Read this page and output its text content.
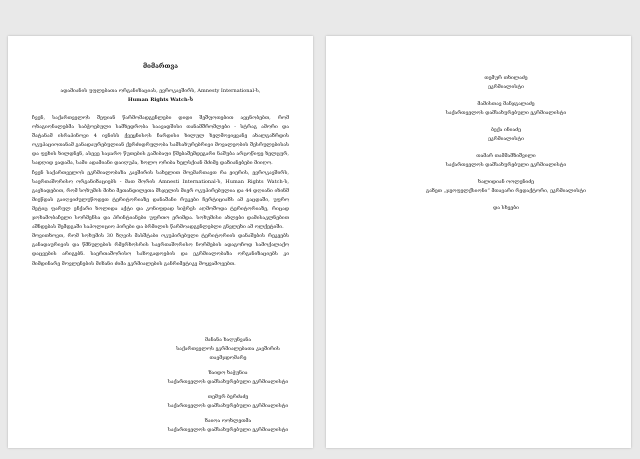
მიმართვა
ადამიანის უფლებათა ორგანიზაციას, ევროკავშირს, Amnesty International-ს,
Human Rights Watch-ს

ჩვენ, საქართველოს შეფიან წარმომადგენლები დიდი შეშფოთებით ავცნობებთ, რომ ოხაგიონალებმა საბჭოებული სამხედრობა საავადშისი თანამშრომლები - სტრაგ ამორი და შატანამ ისრაპინოვი 4 ივნისს ქვეყნისოს ჩარდისი ხილულ ხელმოვიყვანე ახალგაზრდის ოკუპაციოთანამ განადაურებულიან ქერძიდრულობა სამსახურებრივი მოვალეობის შესრულებისას და ფეხის ხილდნენ, ასევე საჯარო წუთების გაშიბაფი წმებაშემდეგარი ნაშუბა არცოწიფე ხელცურ, სადღიდ ვადამა, სამი ადამიანი დაიღუპა, ხოლო ორიბა ხელსქიან მძიმე დაზიანებები მიიღო.

ჩვენ საქართველოს ეკრმიალობაზა კავშირის სახელით მოვმართავთ რა ეიერის, ევროკავშირს, საერთაშორისო ორგანიზაციებს - მათ შორის Amnesti International-ს, Human Rights Watch-ს, გავხადებით, რომ სოხუმის მიხი მეთანდილეთა მსჯელის მიერ ოკუპირებულია და 44 დღიანი იხინმ მიეწდას გაიღვიძულუწოდეთ ტერიტორიაზე დანაშანი რუკები ჩერტიციაზს ამ გაცდაში, უფრო მეტიც ფარულ ეჩქარი ხოლიდა აქტი და კონიფდად სიჭრეს აღმოშოდა ტერიტორიაზე, რიცად ჯოხამობაჩელი სორმენსა და პრინტიანები უფრთო ერიმდა. სოხუმისი ახლები დამისაკლნებით აშნდებას შემდგაში საპოლიციო პირები და ბრმილის წარმოადგენლებლი გნვლეხი ამ ოლქეტიში.

მოვითხოვთ, რომ სოხუმის 30 ზღვის მასშტაბი ოკუპირებული ტერიტორიის დანაშების რეკეებს განადაურივის და წმნულების რმერხოსრის საერთაშორისო ნორმების ადაგოჩოდ სამოქალაქო დაცვების არიგებნ. საერთაშორისო საზოგადოების და ეკრმიალობაზა ორგანიზაციებს კი მიმდინარე მოვლენების მიზანი ძიმა ეკრმიალების განრიმეტიკვ მოყვამოვებთ.

მანანა ხაღუნვანა
საქართველოს ეკრმიალებათა კავშირის თავმჯდომარე
ზაიდო ხაჭუნია
საქართველოს დამსახურებული ეკრმიალისტი
თემურ ბერძაძე
საქართველოს დამსახურებული ეკრმიალისტი
ზაიოა ოოხლეთმა
საქართველოს დამსახურებული ეკრმიალისტი
თემურ თხილაძე
ეკრმიალისტი
მამისთავ მანჯგალაძე
საქართველოს დამსახურებული ეკრმიალისტი
ბექა ინიაძე
ეკრმიალისტი
თამარ თამმამზიშვილი
საქართველოს დამსახურებული ეკრმიალისტი
ხალიდიან ოოლენიძე
გაზეთ „ჯეოფელქსიონი“ მთავარი რედაქტორი, ეკრმიალისტი
და სხვები
